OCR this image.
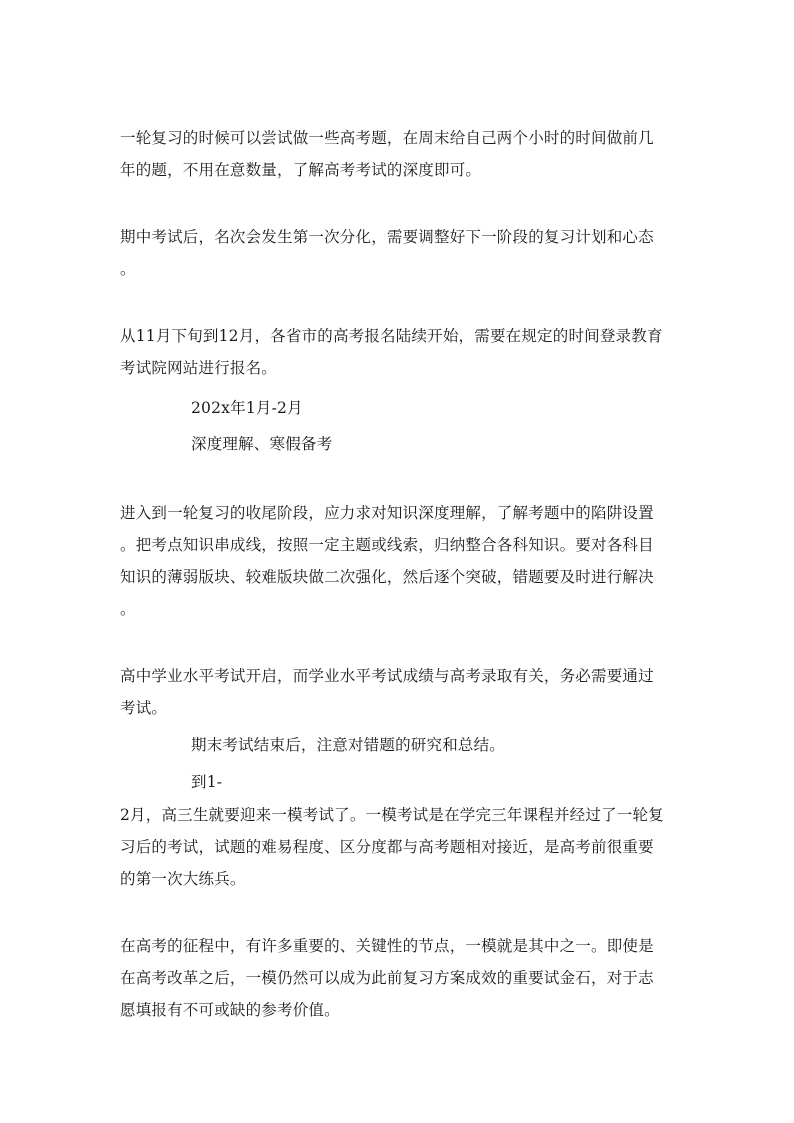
一轮复习的时候可以尝试做一些高考题，在周末给自己两个小时的时间做前几
年的题，不用在意数量，了解高考考试的深度即可。
期中考试后，名次会发生第一次分化，需要调整好下一阶段的复习计划和心态
。
从11月下旬到12月，各省市的高考报名陆续开始，需要在规定的时间登录教育
考试院网站进行报名。
202x年1月-2月
深度理解、寒假备考
进入到一轮复习的收尾阶段，应力求对知识深度理解，了解考题中的陷阱设置
。把考点知识串成线，按照一定主题或线索，归纳整合各科知识。要对各科目
知识的薄弱版块、较难版块做二次强化，然后逐个突破，错题要及时进行解决
。
高中学业水平考试开启，而学业水平考试成绩与高考录取有关，务必需要通过
考试。
期末考试结束后，注意对错题的研究和总结。
到1-
2月，高三生就要迎来一模考试了。一模考试是在学完三年课程并经过了一轮复
习后的考试，试题的难易程度、区分度都与高考题相对接近，是高考前很重要
的第一次大练兵。
在高考的征程中，有许多重要的、关键性的节点，一模就是其中之一。即使是
在高考改革之后，一模仍然可以成为此前复习方案成效的重要试金石，对于志
愿填报有不可或缺的参考价值。
